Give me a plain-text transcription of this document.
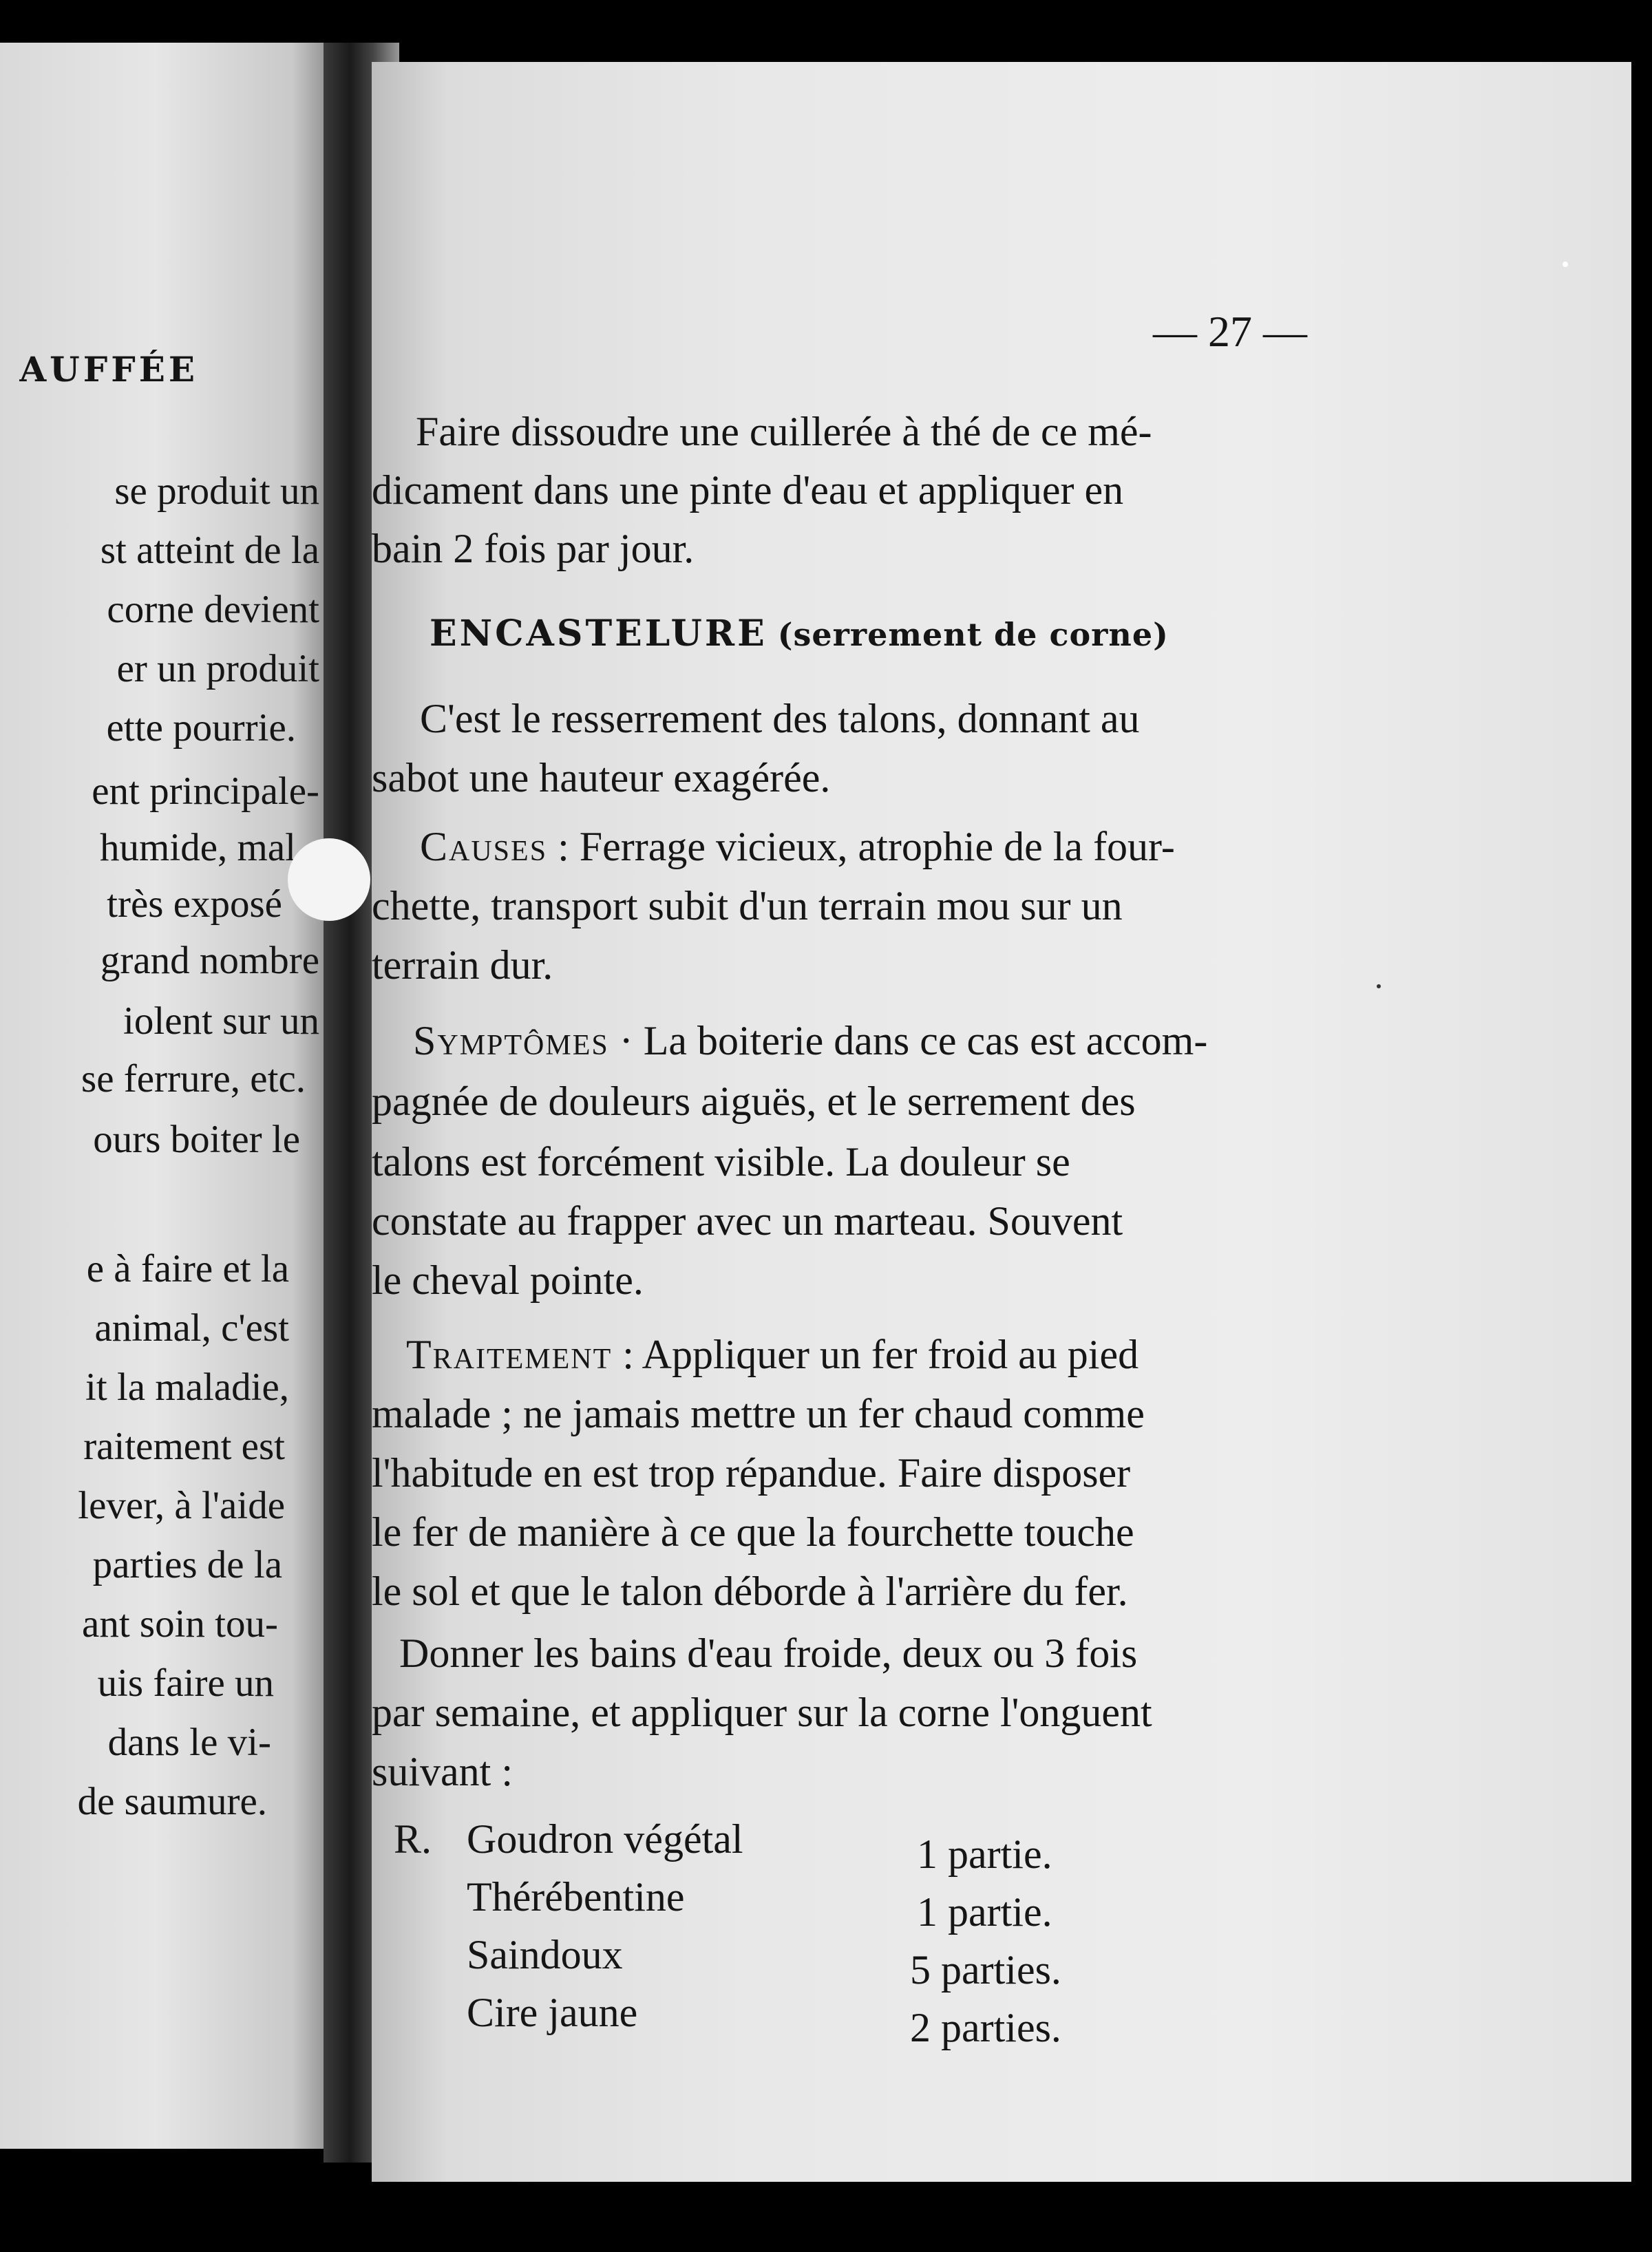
AUFFÉE
se produit un
st atteint de la
corne devient
er un produit
ette pourrie.
ent principale-
humide, mal
très exposé
grand nombre
iolent sur un
se ferrure, etc.
ours boiter le
e à faire et la
animal, c'est
it la maladie,
raitement est
lever, à l'aide
parties de la
ant soin tou-
uis faire un
dans le vi-
de saumure.
— 27 —
Faire dissoudre une cuillerée à thé de ce mé-
dicament dans une pinte d'eau et appliquer en
bain 2 fois par jour.
ENCASTELURE (serrement de corne)
C'est le resserrement des talons, donnant au
sabot une hauteur exagérée.
Causes : Ferrage vicieux, atrophie de la four-
chette, transport subit d'un terrain mou sur un
terrain dur.
Symptômes · La boiterie dans ce cas est accom-
pagnée de douleurs aiguës, et le serrement des
talons est forcément visible. La douleur se
constate au frapper avec un marteau. Souvent
le cheval pointe.
Traitement : Appliquer un fer froid au pied
malade ; ne jamais mettre un fer chaud comme
l'habitude en est trop répandue. Faire disposer
le fer de manière à ce que la fourchette touche
le sol et que le talon déborde à l'arrière du fer.
Donner les bains d'eau froide, deux ou 3 fois
par semaine, et appliquer sur la corne l'onguent
suivant :
R. Goudron végétal	1 partie.
Thérébentine	1 partie.
Saindoux	5 parties.
Cire jaune	2 parties.
